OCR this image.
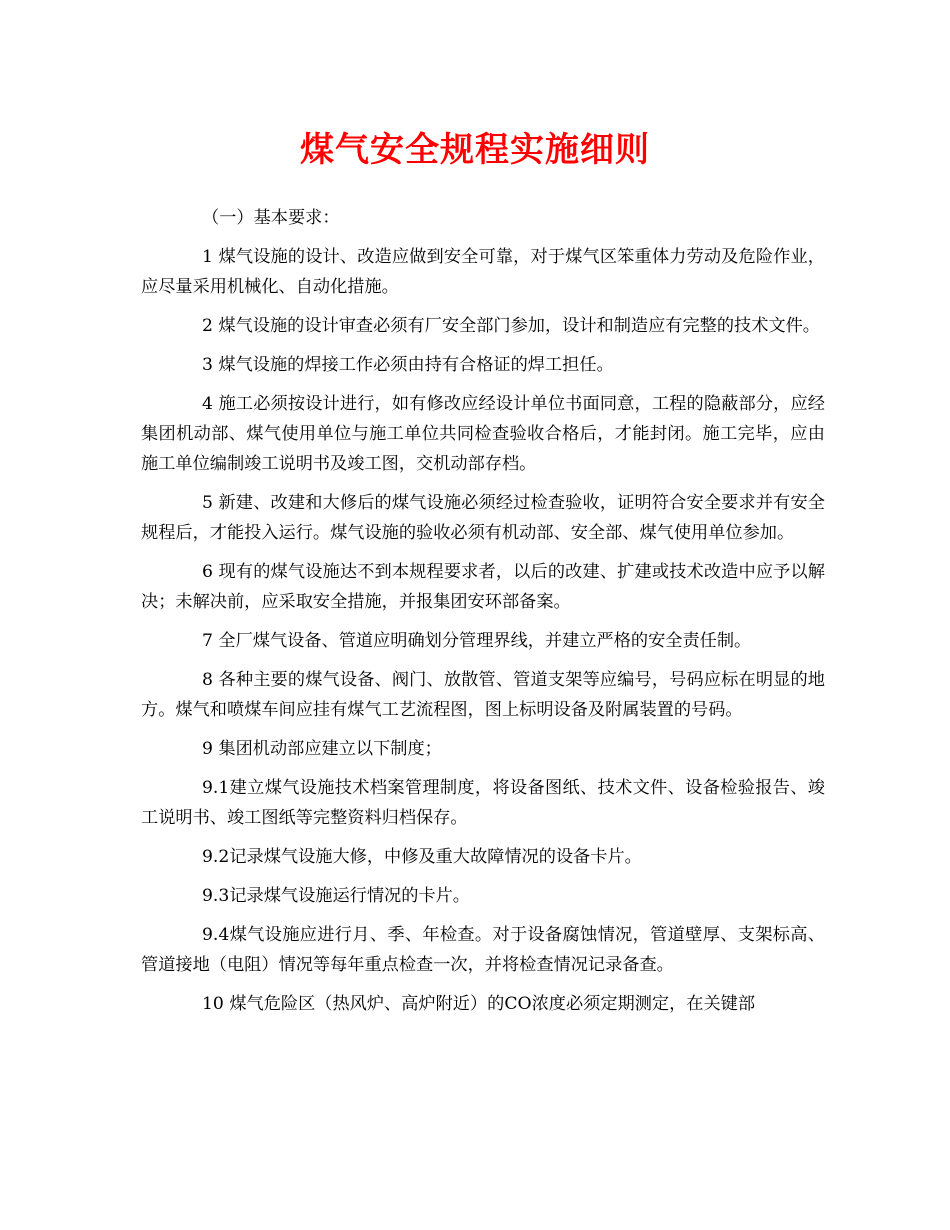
煤气安全规程实施细则

（一）基本要求：

1 煤气设施的设计、改造应做到安全可靠，对于煤气区笨重体力劳动及危险作业，应尽量采用机械化、自动化措施。

2 煤气设施的设计审查必须有厂安全部门参加，设计和制造应有完整的技术文件。

3 煤气设施的焊接工作必须由持有合格证的焊工担任。

4 施工必须按设计进行，如有修改应经设计单位书面同意，工程的隐蔽部分，应经集团机动部、煤气使用单位与施工单位共同检查验收合格后，才能封闭。施工完毕，应由施工单位编制竣工说明书及竣工图，交机动部存档。

5 新建、改建和大修后的煤气设施必须经过检查验收，证明符合安全要求并有安全规程后，才能投入运行。煤气设施的验收必须有机动部、安全部、煤气使用单位参加。

6 现有的煤气设施达不到本规程要求者，以后的改建、扩建或技术改造中应予以解决；未解决前，应采取安全措施，并报集团安环部备案。

7 全厂煤气设备、管道应明确划分管理界线，并建立严格的安全责任制。

8 各种主要的煤气设备、阀门、放散管、管道支架等应编号，号码应标在明显的地方。煤气和喷煤车间应挂有煤气工艺流程图，图上标明设备及附属装置的号码。

9 集团机动部应建立以下制度；

9.1建立煤气设施技术档案管理制度，将设备图纸、技术文件、设备检验报告、竣工说明书、竣工图纸等完整资料归档保存。

9.2记录煤气设施大修，中修及重大故障情况的设备卡片。

9.3记录煤气设施运行情况的卡片。

9.4煤气设施应进行月、季、年检查。对于设备腐蚀情况，管道壁厚、支架标高、管道接地（电阻）情况等每年重点检查一次，并将检查情况记录备查。

10 煤气危险区（热风炉、高炉附近）的CO浓度必须定期测定，在关键部
